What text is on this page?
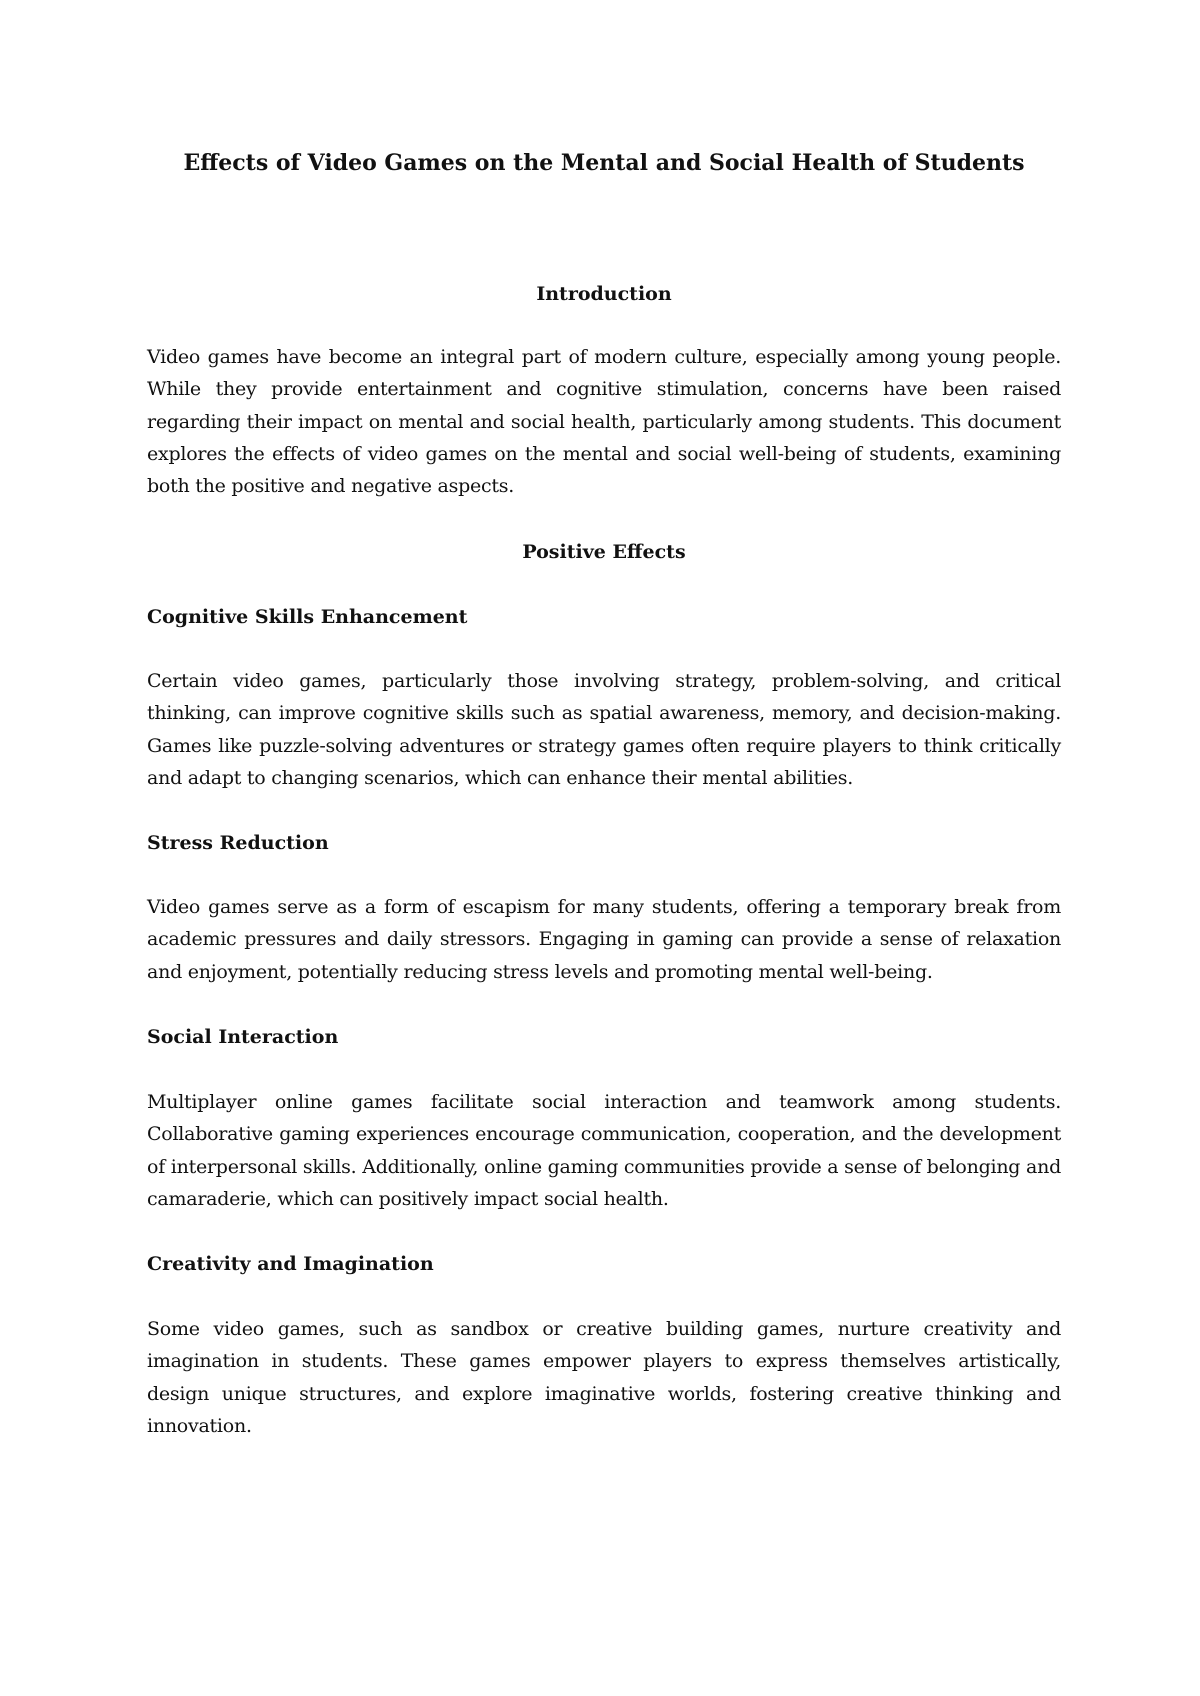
Effects of Video Games on the Mental and Social Health of Students
Introduction

Video games have become an integral part of modern culture, especially among young people. While they provide entertainment and cognitive stimulation, concerns have been raised regarding their impact on mental and social health, particularly among students. This document explores the effects of video games on the mental and social well-being of students, examining both the positive and negative aspects.

Positive Effects
Cognitive Skills Enhancement

Certain video games, particularly those involving strategy, problem-solving, and critical thinking, can improve cognitive skills such as spatial awareness, memory, and decision-making. Games like puzzle-solving adventures or strategy games often require players to think critically and adapt to changing scenarios, which can enhance their mental abilities.

Stress Reduction

Video games serve as a form of escapism for many students, offering a temporary break from academic pressures and daily stressors. Engaging in gaming can provide a sense of relaxation and enjoyment, potentially reducing stress levels and promoting mental well-being.

Social Interaction

Multiplayer online games facilitate social interaction and teamwork among students. Collaborative gaming experiences encourage communication, cooperation, and the development of interpersonal skills. Additionally, online gaming communities provide a sense of belonging and camaraderie, which can positively impact social health.

Creativity and Imagination

Some video games, such as sandbox or creative building games, nurture creativity and imagination in students. These games empower players to express themselves artistically, design unique structures, and explore imaginative worlds, fostering creative thinking and innovation.
